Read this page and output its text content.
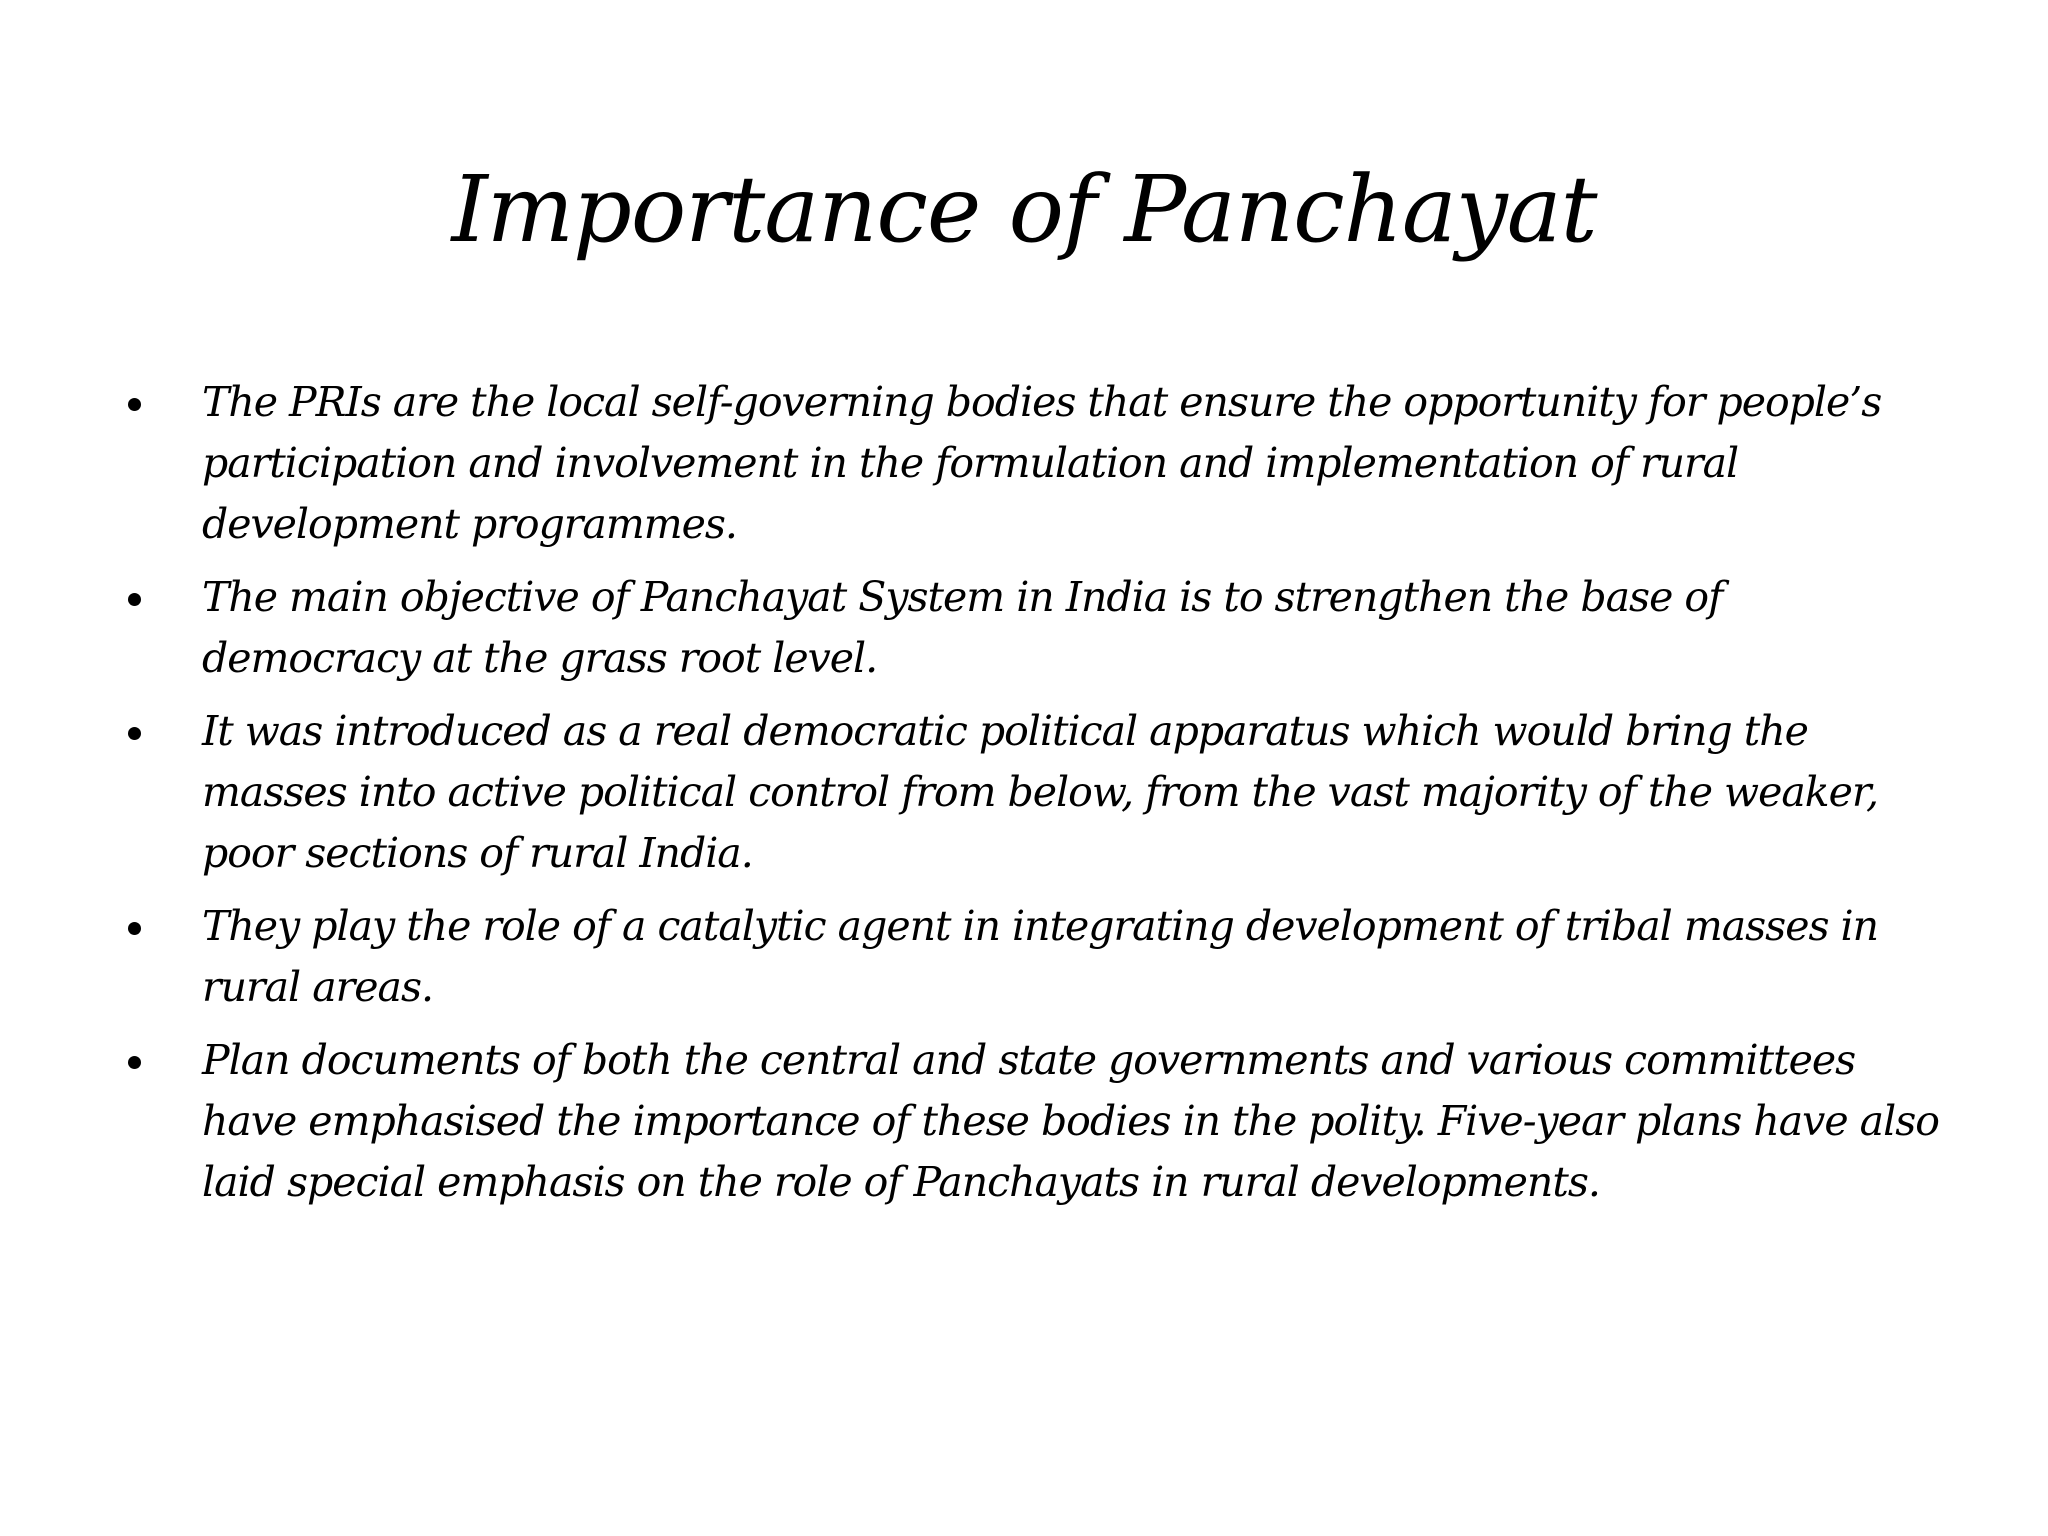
Importance of Panchayat
The PRIs are the local self-governing bodies that ensure the opportunity for people’s participation and involvement in the formulation and implementation of rural development programmes.
The main objective of Panchayat System in India is to strengthen the base of democracy at the grass root level.
It was introduced as a real democratic political apparatus which would bring the masses into active political control from below, from the vast majority of the weaker, poor sections of rural India.
They play the role of a catalytic agent in integrating development of tribal masses in rural areas.
Plan documents of both the central and state governments and various committees have emphasised the importance of these bodies in the polity. Five-year plans have also laid special emphasis on the role of Panchayats in rural developments.
